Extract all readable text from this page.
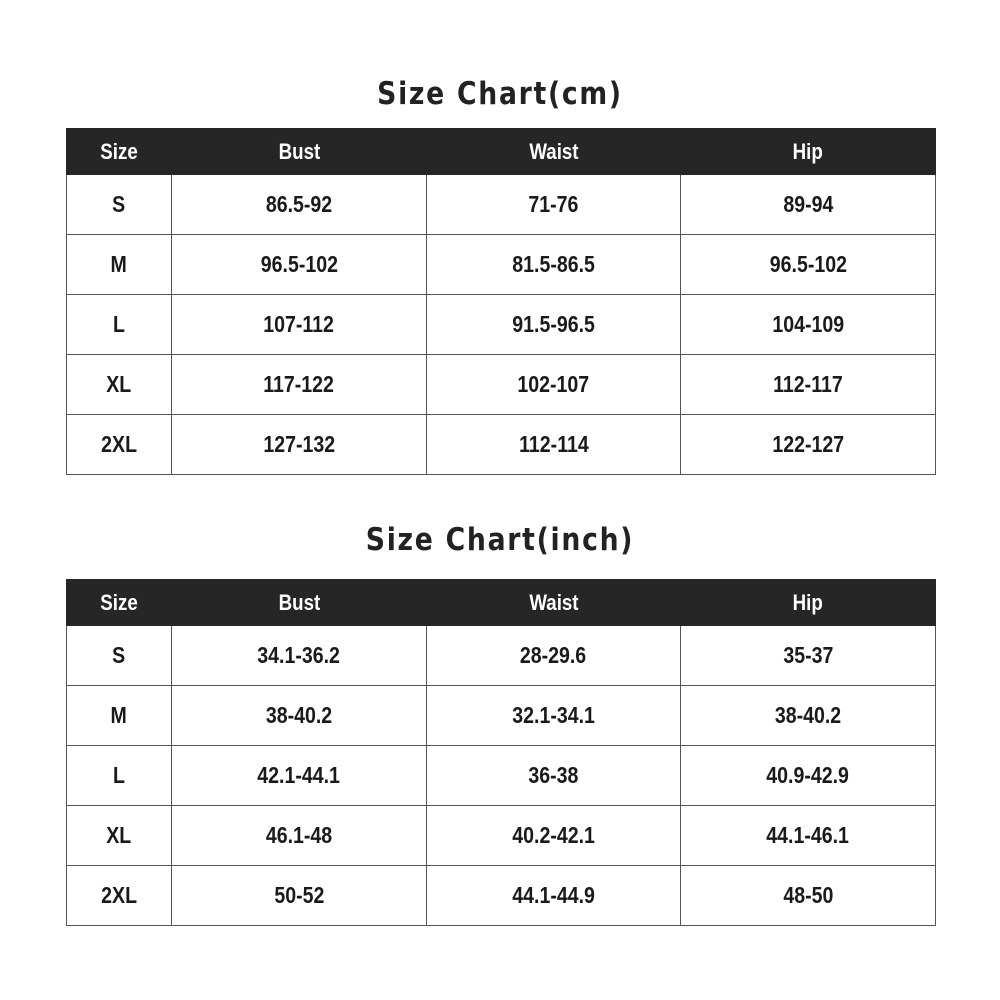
Size Chart(cm)
Size	Bust	Waist	Hip
S	86.5-92	71-76	89-94
M	96.5-102	81.5-86.5	96.5-102
L	107-112	91.5-96.5	104-109
XL	117-122	102-107	112-117
2XL	127-132	112-114	122-127
Size Chart(inch)
Size	Bust	Waist	Hip
S	34.1-36.2	28-29.6	35-37
M	38-40.2	32.1-34.1	38-40.2
L	42.1-44.1	36-38	40.9-42.9
XL	46.1-48	40.2-42.1	44.1-46.1
2XL	50-52	44.1-44.9	48-50
